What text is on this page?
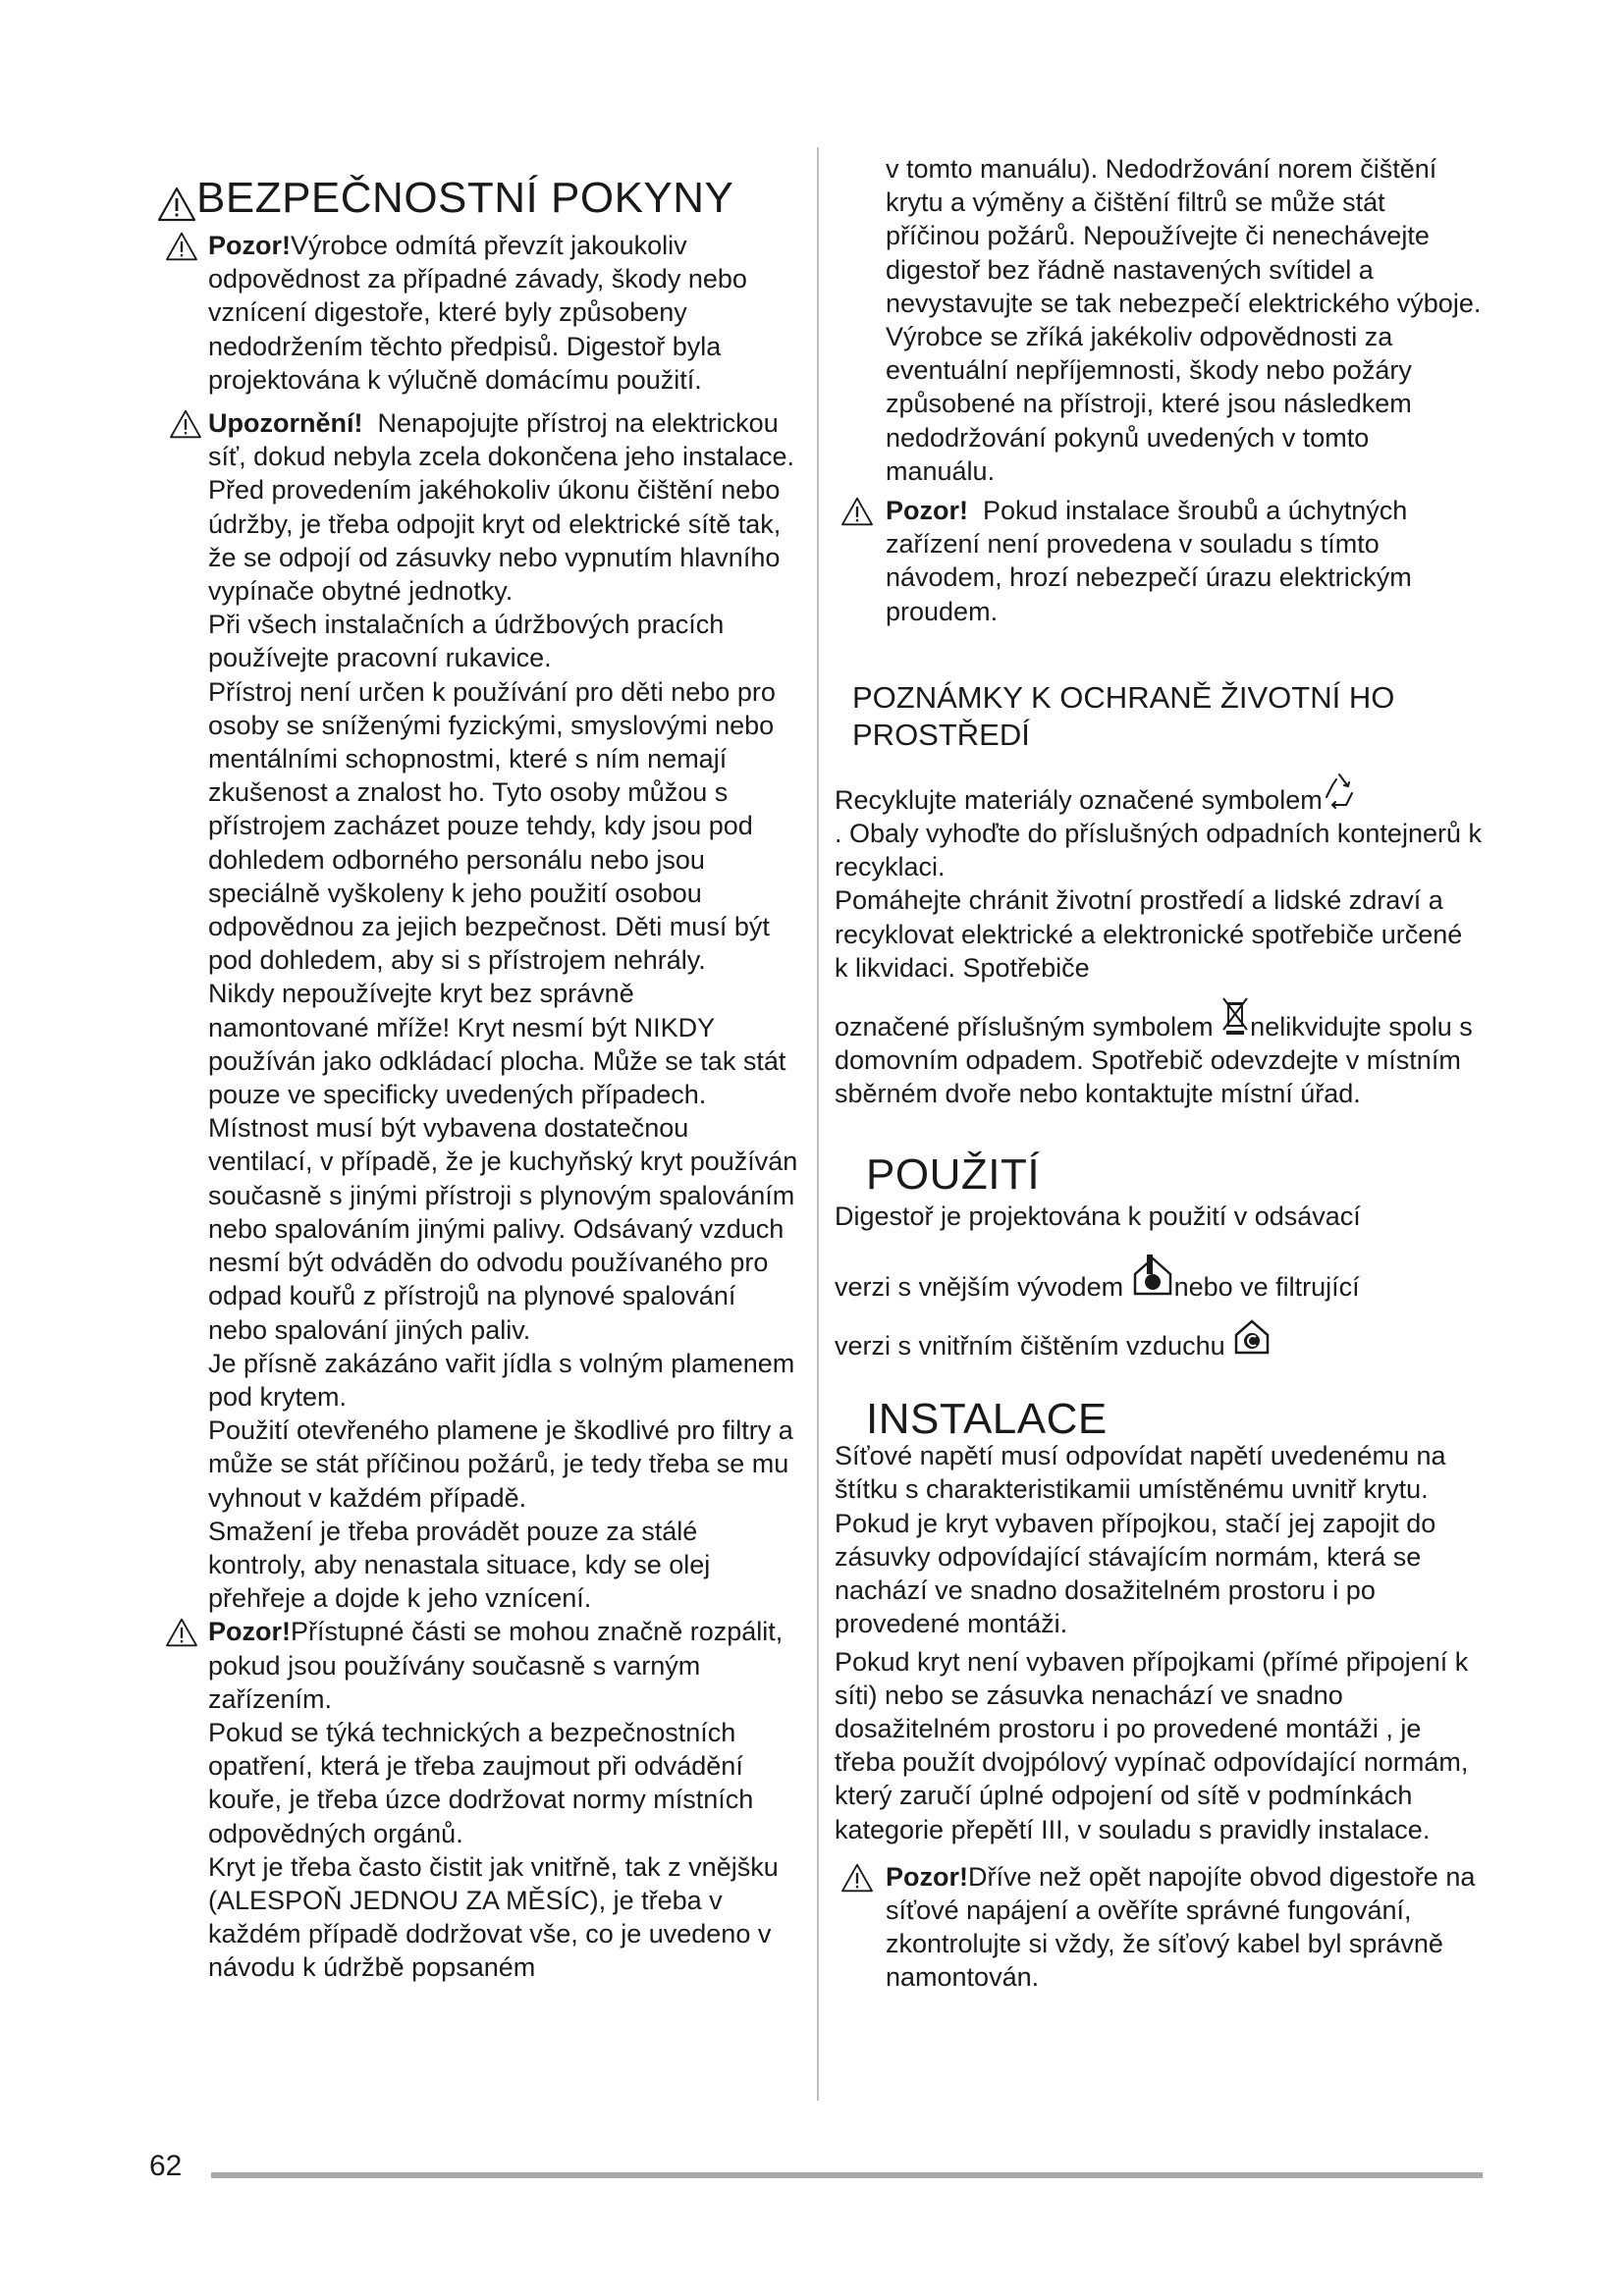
BEZPEČNOSTNÍ POKYNY

Pozor!Výrobce odmítá převzít jakoukoliv odpovědnost za případné závady, škody nebo vznícení digestoře, které byly způsobeny nedodržením těchto předpisů. Digestoř byla projektována k výlučně domácímu použití.

Upozornění! Nenapojujte přístroj na elektrickou síť, dokud nebyla zcela dokončena jeho instalace. Před provedením jakéhokoliv úkonu čištění nebo údržby, je třeba odpojit kryt od elektrické sítě tak, že se odpojí od zásuvky nebo vypnutím hlavního vypínače obytné jednotky.

Při všech instalačních a údržbových pracích používejte pracovní rukavice.

Přístroj není určen k používání pro děti nebo pro osoby se sníženými fyzickými, smyslovými nebo mentálními schopnostmi, které s ním nemají zkušenost a znalost ho. Tyto osoby můžou s přístrojem zacházet pouze tehdy, kdy jsou pod dohledem odborného personálu nebo jsou speciálně vyškoleny k jeho použití osobou odpovědnou za jejich bezpečnost. Děti musí být pod dohledem, aby si s přístrojem nehrály.

Nikdy nepoužívejte kryt bez správně namontované mříže! Kryt nesmí být NIKDY používán jako odkládací plocha. Může se tak stát pouze ve specificky uvedených případech. Místnost musí být vybavena dostatečnou ventilací, v případě, že je kuchyňský kryt používán současně s jinými přístroji s plynovým spalováním nebo spalováním jinými palivy. Odsávaný vzduch nesmí být odváděn do odvodu používaného pro odpad kouřů z přístrojů na plynové spalování nebo spalování jiných paliv.

Je přísně zakázáno vařit jídla s volným plamenem pod krytem.

Použití otevřeného plamene je škodlivé pro filtry a může se stát příčinou požárů, je tedy třeba se mu vyhnout v každém případě.

Smažení je třeba provádět pouze za stálé kontroly, aby nenastala situace, kdy se olej přehřeje a dojde k jeho vznícení.

Pozor!Přístupné části se mohou značně rozpálit, pokud jsou používány současně s varným zařízením.

Pokud se týká technických a bezpečnostních opatření, která je třeba zaujmout při odvádění kouře, je třeba úzce dodržovat normy místních odpovědných orgánů.

Kryt je třeba často čistit jak vnitřně, tak z vnějšku (ALESPOŇ JEDNOU ZA MĚSÍC), je třeba v každém případě dodržovat vše, co je uvedeno v návodu k údržbě popsaném

v tomto manuálu). Nedodržování norem čištění krytu a výměny a čištění filtrů se může stát příčinou požárů. Nepoužívejte či nenechávejte digestoř bez řádně nastavených svítidel a nevystavujte se tak nebezpečí elektrického výboje. Výrobce se zříká jakékoliv odpovědnosti za eventuální nepříjemnosti, škody nebo požáry způsobené na přístroji, které jsou následkem nedodržování pokynů uvedených v tomto manuálu.

Pozor! Pokud instalace šroubů a úchytných zařízení není provedena v souladu s tímto návodem, hrozí nebezpečí úrazu elektrickým proudem.

POZNÁMKY K OCHRANĚ ŽIVOTNÍ HO PROSTŘEDÍ

Recyklujte materiály označené symbolem
. Obaly vyhoďte do příslušných odpadních kontejnerů k recyklaci.

Pomáhejte chránit životní prostředí a lidské zdraví a recyklovat elektrické a elektronické spotřebiče určené k likvidaci. Spotřebiče

označené příslušným symbolem nelikvidujte spolu s domovním odpadem. Spotřebič odevzdejte v místním sběrném dvoře nebo kontaktujte místní úřad.

POUŽITÍ

Digestoř je projektována k použití v odsávací

verzi s vnějším vývodem nebo ve filtrující

verzi s vnitřním čištěním vzduchu

INSTALACE

Síťové napětí musí odpovídat napětí uvedenému na štítku s charakteristikamii umístěnému uvnitř krytu. Pokud je kryt vybaven přípojkou, stačí jej zapojit do zásuvky odpovídající stávajícím normám, která se nachází ve snadno dosažitelném prostoru i po provedené montáži.

Pokud kryt není vybaven přípojkami (přímé připojení k síti) nebo se zásuvka nenachází ve snadno dosažitelném prostoru i po provedené montáži , je třeba použít dvojpólový vypínač odpovídající normám, který zaručí úplné odpojení od sítě v podmínkách kategorie přepětí III, v souladu s pravidly instalace.

Pozor!Dříve než opět napojíte obvod digestoře na síťové napájení a ověříte správné fungování, zkontrolujte si vždy, že síťový kabel byl správně namontován.

62
